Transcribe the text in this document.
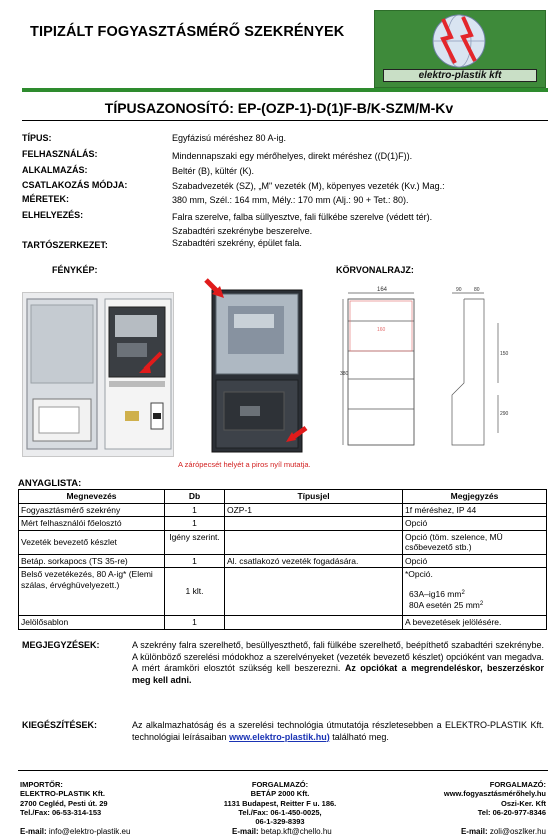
TIPIZÁLT FOGYASZTÁSMÉRŐ SZEKRÉNYEK
elektro-plastik kft
TÍPUSAZONOSÍTÓ: EP-(OZP-1)-D(1)F-B/K-SZM/M-Kv
TÍPUS:	Egyfázisú méréshez 80 A-ig.
FELHASZNÁLÁS:	Mindennapszaki egy mérőhelyes, direkt méréshez ((D(1)F)).
ALKALMAZÁS:	Beltér (B), kültér (K).
CSATLAKOZÁS MÓDJA:	Szabadvezeték (SZ), „M" vezeték (M), köpenyes vezeték (Kv.) Mag.:
MÉRETEK:	380 mm, Szél.: 164 mm, Mély.: 170 mm (Alj.: 90 + Tet.: 80).
ELHELYEZÉS:	Falra szerelve, falba süllyesztve, fali fülkébe szerelve (védett tér).
Szabadtéri szekrénybe beszerelve.
TARTÓSZERKEZET:	Szabadtéri szekrény, épület fala.
FÉNYKÉP:	KÖRVONALRAJZ:
164
160
380
90 80
150
290
A zárópecsét helyét a piros nyíl mutatja.
ANYAGLISTA:
Megnevezés	Db	Típusjel	Megjegyzés
Fogyasztásmérő szekrény	1	OZP-1	1f méréshez, IP 44
Mért felhasználói főelosztó	1		Opció
Vezeték bevezető készlet	Igény szerint.		Opció (töm. szelence, MÜ csőbevezető stb.)
Betáp. sorkapocs (TS 35-re)	1	Al. csatlakozó vezeték fogadására.	Opció
Belső vezetékezés, 80 A-ig* (Elemi szálas, érvéghüvelyezett.)	1 klt.		*Opció.
63A–ig16 $mm^2$
80A esetén 25 $mm^2$

Jelölősablon	1		A bevezetések jelölésére.
MEGJEGYZÉSEK:	A szekrény falra szerelhető, besüllyeszthető, fali fülkébe szerelhető, beépíthető szabadtéri szekrénybe. A különböző szerelési módokhoz a szerelvényeket (vezeték bevezető készlet) opcióként van megadva. A mért áramköri elosztót szükség kell beszerezni. Az opciókat a megrendeléskor, beszerzéskor meg kell adni.
KIEGÉSZÍTÉSEK:	Az alkalmazhatóság és a szerelési technológia útmutatója részletesebben a ELEKTRO-PLASTIK Kft. technológiai leírásaiban www.elektro-plastik.hu) található meg.
IMPORTŐR:
ELEKTRO-PLASTIK Kft.
2700 Cegléd, Pesti út. 29
Tel./Fax: 06-53-314-153
FORGALMAZÓ:
BETÁP 2000 Kft.
1131 Budapest, Reitter F u. 186.
Tel./Fax: 06-1-450-0025,
06-1-329-8393
FORGALMAZÓ:
www.fogyasztásmérőhely.hu
Oszi-Ker. Kft
Tel: 06-20-977-8346
E-mail: info@elektro-plastik.eu	E-mail: betap.kft@chello.hu	E-mail: zoli@oszlker.hu
